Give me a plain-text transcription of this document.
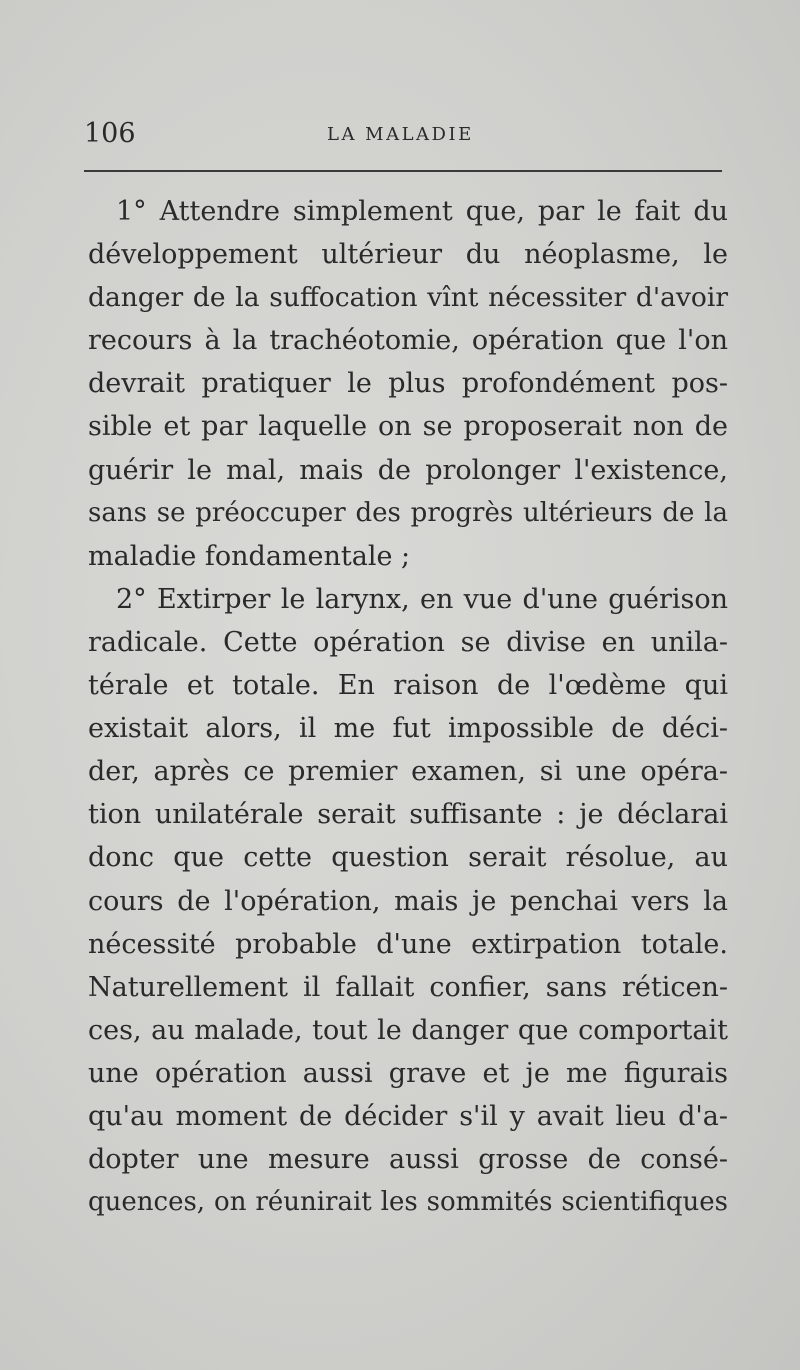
106	LA MALADIE
1° Attendre simplement que, par le fait du
développement ultérieur du néoplasme, le
danger de la suffocation vînt nécessiter d'avoir
recours à la trachéotomie, opération que l'on
devrait pratiquer le plus profondément pos-
sible et par laquelle on se proposerait non de
guérir le mal, mais de prolonger l'existence,
sans se préoccuper des progrès ultérieurs de la
maladie fondamentale ;
2° Extirper le larynx, en vue d'une guérison
radicale. Cette opération se divise en unila-
térale et totale. En raison de l'œdème qui
existait alors, il me fut impossible de déci-
der, après ce premier examen, si une opéra-
tion unilatérale serait suffisante : je déclarai
donc que cette question serait résolue, au
cours de l'opération, mais je penchai vers la
nécessité probable d'une extirpation totale.
Naturellement il fallait confier, sans réticen-
ces, au malade, tout le danger que comportait
une opération aussi grave et je me figurais
qu'au moment de décider s'il y avait lieu d'a-
dopter une mesure aussi grosse de consé-
quences, on réunirait les sommités scientifiques
